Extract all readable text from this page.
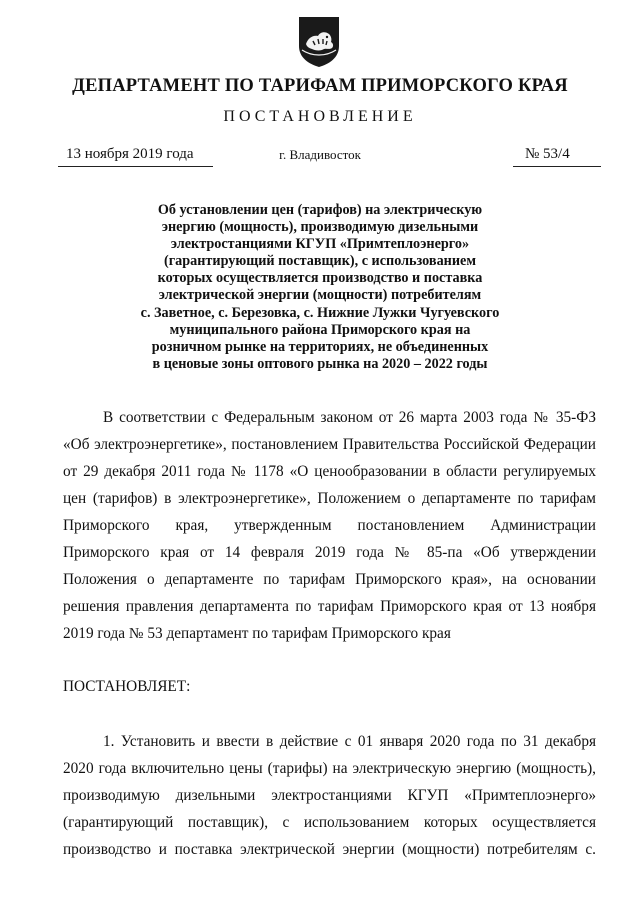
ДЕПАРТАМЕНТ ПО ТАРИФАМ ПРИМОРСКОГО КРАЯ
ПОСТАНОВЛЕНИЕ
13 ноября 2019 года	г. Владивосток	№ 53/4
Об установлении цен (тарифов) на электрическую
энергию (мощность), производимую дизельными
электростанциями КГУП «Примтеплоэнерго»
(гарантирующий поставщик), с использованием
которых осуществляется производство и поставка
электрической энергии (мощности) потребителям
с. Заветное, с. Березовка, с. Нижние Лужки Чугуевского
муниципального района Приморского края на
розничном рынке на территориях, не объединенных
в ценовые зоны оптового рынка на 2020 – 2022 годы
В соответствии с Федеральным законом от 26 марта 2003 года № 35-ФЗ «Об электроэнергетике», постановлением Правительства Российской Федерации от 29 декабря 2011 года № 1178 «О ценообразовании в области регулируемых цен (тарифов) в электроэнергетике», Положением о департаменте по тарифам Приморского края, утвержденным постановлением Администрации Приморского края от 14 февраля 2019 года № 85-па «Об утверждении Положения о департаменте по тарифам Приморского края», на основании решения правления департамента по тарифам Приморского края от 13 ноября 2019 года № 53 департамент по тарифам Приморского края
ПОСТАНОВЛЯЕТ:
1. Установить и ввести в действие с 01 января 2020 года по 31 декабря 2020 года включительно цены (тарифы) на электрическую энергию (мощность), производимую дизельными электростанциями КГУП «Примтеплоэнерго» (гарантирующий поставщик), с использованием которых осуществляется производство и поставка электрической энергии (мощности) потребителям с.
